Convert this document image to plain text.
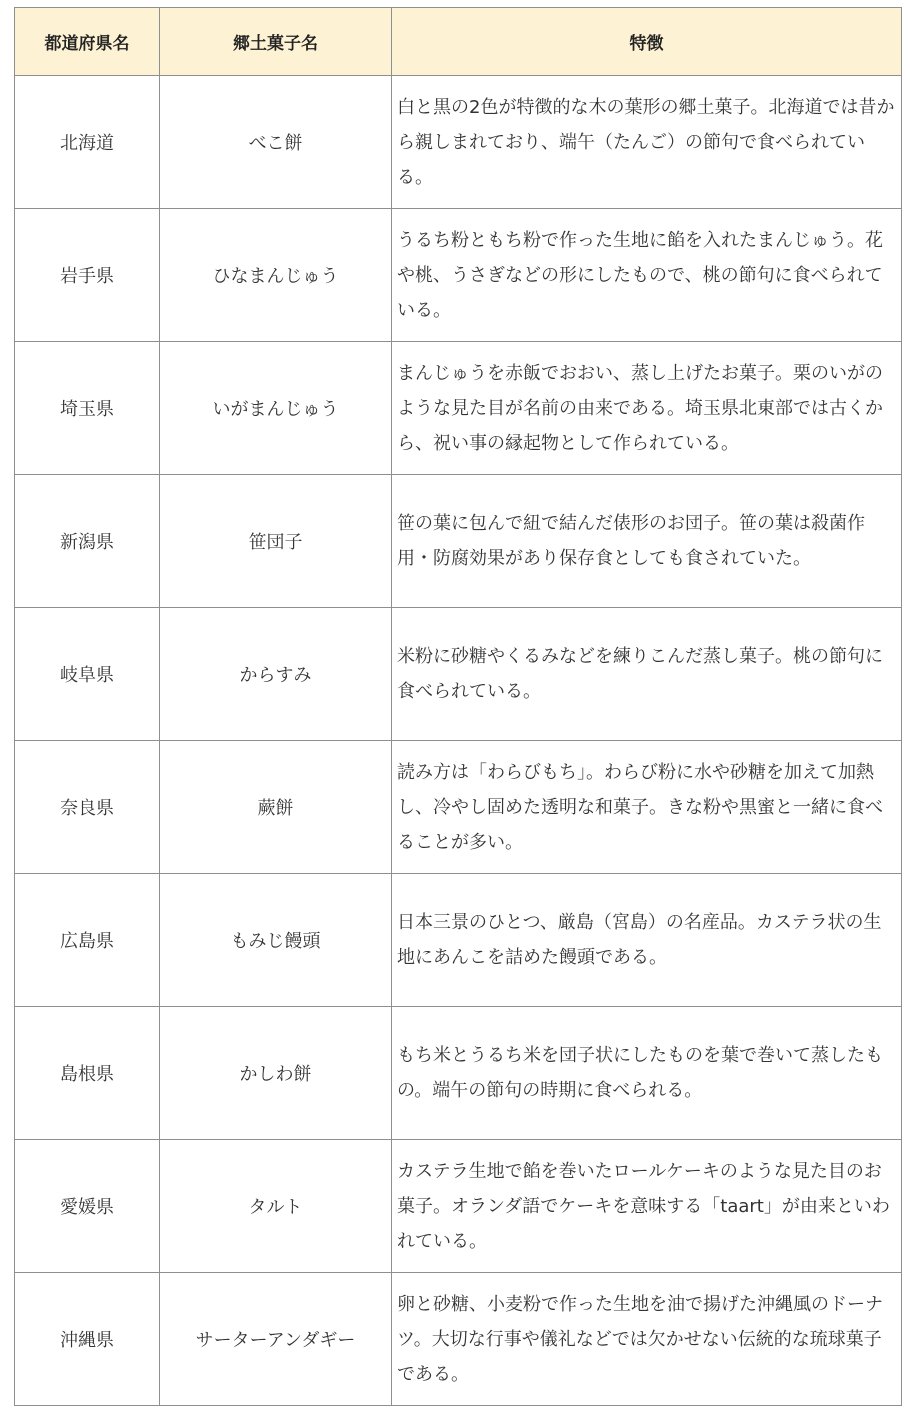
都道府県名	郷土菓子名	特徴
北海道	べこ餅	白と黒の2色が特徴的な木の葉形の郷土菓子。北海道では昔から親しまれており、端午（たんご）の節句で食べられている。
岩手県	ひなまんじゅう	うるち粉ともち粉で作った生地に餡を入れたまんじゅう。花や桃、うさぎなどの形にしたもので、桃の節句に食べられている。
埼玉県	いがまんじゅう	まんじゅうを赤飯でおおい、蒸し上げたお菓子。栗のいがのような見た目が名前の由来である。埼玉県北東部では古くから、祝い事の縁起物として作られている。
新潟県	笹団子	笹の葉に包んで紐で結んだ俵形のお団子。笹の葉は殺菌作用・防腐効果があり保存食としても食されていた。
岐阜県	からすみ	米粉に砂糖やくるみなどを練りこんだ蒸し菓子。桃の節句に食べられている。
奈良県	蕨餅	読み方は「わらびもち」。わらび粉に水や砂糖を加えて加熱し、冷やし固めた透明な和菓子。きな粉や黒蜜と一緒に食べることが多い。
広島県	もみじ饅頭	日本三景のひとつ、厳島（宮島）の名産品。カステラ状の生地にあんこを詰めた饅頭である。
島根県	かしわ餅	もち米とうるち米を団子状にしたものを葉で巻いて蒸したもの。端午の節句の時期に食べられる。
愛媛県	タルト	カステラ生地で餡を巻いたロールケーキのような見た目のお菓子。オランダ語でケーキを意味する「taart」が由来といわれている。
沖縄県	サーターアンダギー	卵と砂糖、小麦粉で作った生地を油で揚げた沖縄風のドーナツ。大切な行事や儀礼などでは欠かせない伝統的な琉球菓子である。
